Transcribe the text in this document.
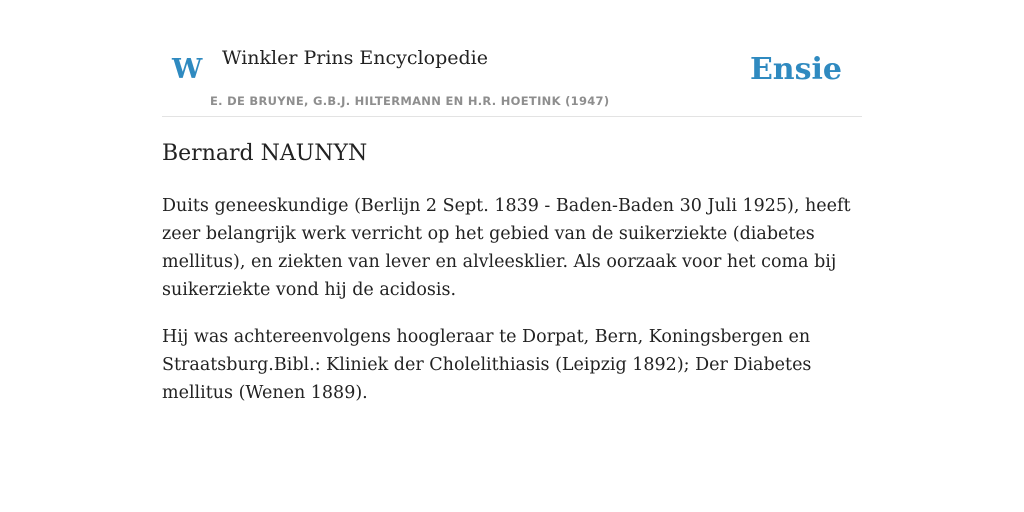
W Winkler Prins Encyclopedie
E. DE BRUYNE, G.B.J. HILTERMANN EN H.R. HOETINK (1947)
Ensie
Bernard NAUNYN

Duits geneeskundige (Berlijn 2 Sept. 1839 - Baden-Baden 30 Juli 1925), heeft zeer belangrijk werk verricht op het gebied van de suikerziekte (diabetes mellitus), en ziekten van lever en alvleesklier. Als oorzaak voor het coma bij suikerziekte vond hij de acidosis.

Hij was achtereenvolgens hoogleraar te Dorpat, Bern, Koningsbergen en Straatsburg.Bibl.: Kliniek der Cholelithiasis (Leipzig 1892); Der Diabetes mellitus (Wenen 1889).
